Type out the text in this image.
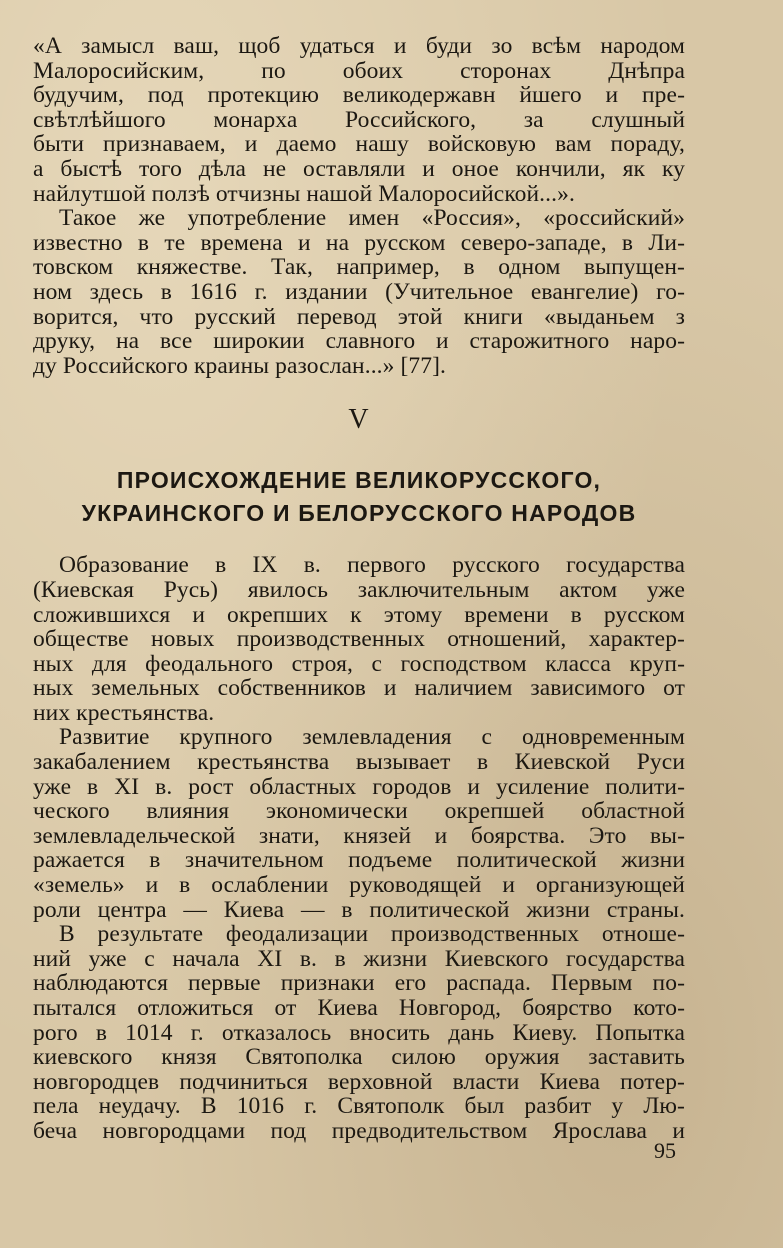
«А замысл ваш, щоб удаться и буди зо всѣм народом
Малоросийским, по обоих сторонах Днѣпра
будучим, под протекцию великодержавн йшего и пре-
свѣтлѣйшого монарха Российского, за слушный
быти признаваем, и даемо нашу войсковую вам пораду,
а быстѣ того дѣла не оставляли и оное кончили, як ку
найлутшой ползѣ отчизны нашой Малоросийской...».
Такое же употребление имен «Россия», «российский»
известно в те времена и на русском северо-западе, в Ли-
товском княжестве. Так, например, в одном выпущен-
ном здесь в 1616 г. издании (Учительное евангелие) го-
ворится, что русский перевод этой книги «выданьем з
друку, на все широкии славного и старожитного наро-
ду Российского краины разослан...» [77].
V
ПРОИСХОЖДЕНИЕ ВЕЛИКОРУССКОГО,
УКРАИНСКОГО И БЕЛОРУССКОГО НАРОДОВ
Образование в IX в. первого русского государства
(Киевская Русь) явилось заключительным актом уже
сложившихся и окрепших к этому времени в русском
обществе новых производственных отношений, характер-
ных для феодального строя, с господством класса круп-
ных земельных собственников и наличием зависимого от
них крестьянства.
Развитие крупного землевладения с одновременным
закабалением крестьянства вызывает в Киевской Руси
уже в XI в. рост областных городов и усиление полити-
ческого влияния экономически окрепшей областной
землевладельческой знати, князей и боярства. Это вы-
ражается в значительном подъеме политической жизни
«земель» и в ослаблении руководящей и организующей
роли центра — Киева — в политической жизни страны.
В результате феодализации производственных отноше-
ний уже с начала XI в. в жизни Киевского государства
наблюдаются первые признаки его распада. Первым по-
пытался отложиться от Киева Новгород, боярство кото-
рого в 1014 г. отказалось вносить дань Киеву. Попытка
киевского князя Святополка силою оружия заставить
новгородцев подчиниться верховной власти Киева потер-
пела неудачу. В 1016 г. Святополк был разбит у Лю-
беча новгородцами под предводительством Ярослава и
95
